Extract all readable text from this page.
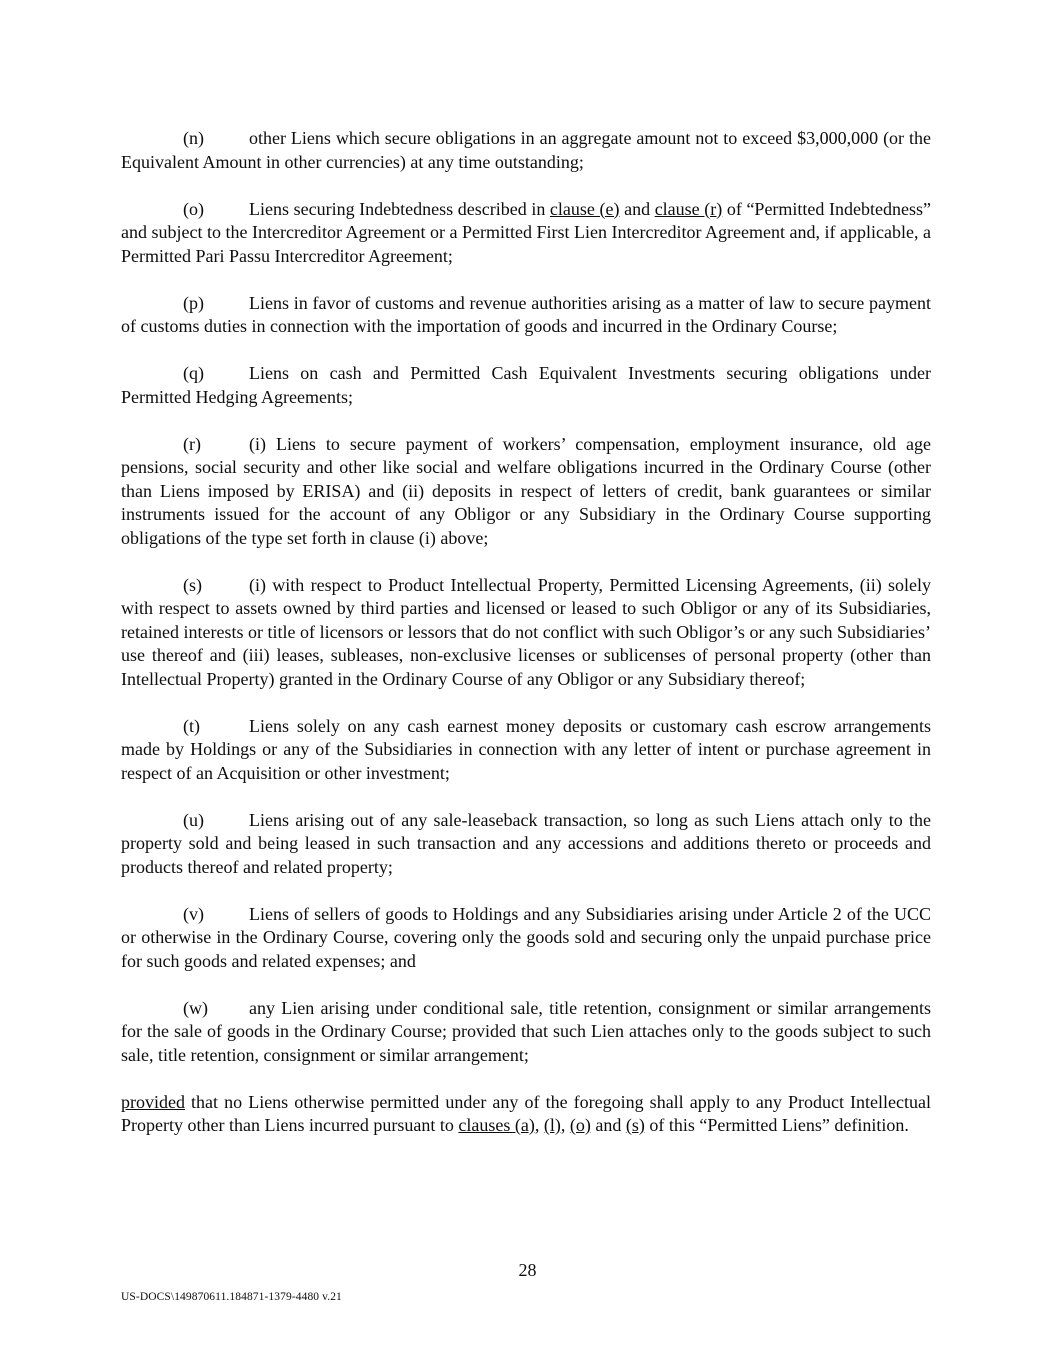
(n)	other Liens which secure obligations in an aggregate amount not to exceed $3,000,000 (or the Equivalent Amount in other currencies) at any time outstanding;

(o)	Liens securing Indebtedness described in clause (e) and clause (r) of “Permitted Indebtedness” and subject to the Intercreditor Agreement or a Permitted First Lien Intercreditor Agreement and, if applicable, a Permitted Pari Passu Intercreditor Agreement;

(p)	Liens in favor of customs and revenue authorities arising as a matter of law to secure payment of customs duties in connection with the importation of goods and incurred in the Ordinary Course;

(q)	Liens on cash and Permitted Cash Equivalent Investments securing obligations under Permitted Hedging Agreements;

(r)	(i) Liens to secure payment of workers’ compensation, employment insurance, old age pensions, social security and other like social and welfare obligations incurred in the Ordinary Course (other than Liens imposed by ERISA) and (ii) deposits in respect of letters of credit, bank guarantees or similar instruments issued for the account of any Obligor or any Subsidiary in the Ordinary Course supporting obligations of the type set forth in clause (i) above;

(s)	(i) with respect to Product Intellectual Property, Permitted Licensing Agreements, (ii) solely with respect to assets owned by third parties and licensed or leased to such Obligor or any of its Subsidiaries, retained interests or title of licensors or lessors that do not conflict with such Obligor’s or any such Subsidiaries’ use thereof and (iii) leases, subleases, non-exclusive licenses or sublicenses of personal property (other than Intellectual Property) granted in the Ordinary Course of any Obligor or any Subsidiary thereof;

(t)	Liens solely on any cash earnest money deposits or customary cash escrow arrangements made by Holdings or any of the Subsidiaries in connection with any letter of intent or purchase agreement in respect of an Acquisition or other investment;

(u)	Liens arising out of any sale-leaseback transaction, so long as such Liens attach only to the property sold and being leased in such transaction and any accessions and additions thereto or proceeds and products thereof and related property;

(v)	Liens of sellers of goods to Holdings and any Subsidiaries arising under Article 2 of the UCC or otherwise in the Ordinary Course, covering only the goods sold and securing only the unpaid purchase price for such goods and related expenses; and

(w) any Lien arising under conditional sale, title retention, consignment or similar arrangements for the sale of goods in the Ordinary Course; provided that such Lien attaches only to the goods subject to such sale, title retention, consignment or similar arrangement;

provided that no Liens otherwise permitted under any of the foregoing shall apply to any Product Intellectual Property other than Liens incurred pursuant to clauses (a), (l), (o) and (s) of this “Permitted Liens” definition.

28
US-DOCS\149870611.184871-1379-4480 v.21
